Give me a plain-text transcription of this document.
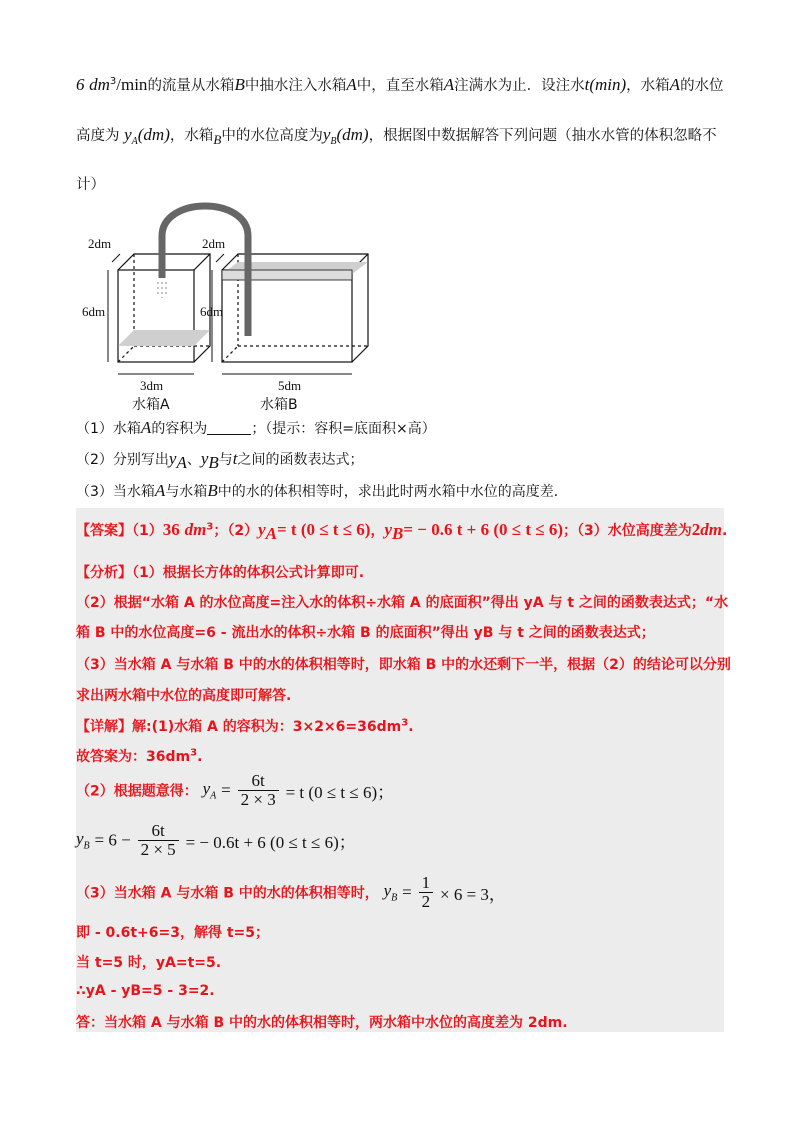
6 $dm^3/\min$的流量从水箱B中抽水注入水箱A中，直至水箱A注满水为止．设注水t(min)，水箱A的水位
高度为 $y_A(dm)$，水箱$_B$中的水位高度为$y_B(dm)$，根据图中数据解答下列问题（抽水水管的体积忽略不
计）
2dm
6dm
3dm
2dm
6dm
5dm
水箱A	水箱B
（1）水箱A的容积为	；（提示：容积=底面积×高）
（2）分别写出$y_A$、$y_B$与t之间的函数表达式；
（3）当水箱A与水箱B中的水的体积相等时，求出此时两水箱中水位的高度差．
【答案】（1）36 $dm^3$；$(2)y_A= t$ (0 ≤ t ≤ 6)，$y_B= - 0.6$ t + 6 (0 ≤ t ≤ 6)；（3）水位高度差为2dm.
【分析】（1）根据长方体的体积公式计算即可.
（2）根据“水箱 A 的水位高度=注入水的体积÷水箱 A 的底面积”得出 yA 与 t 之间的函数表达式；“水
箱 B 中的水位高度=6 - 流出水的体积÷水箱 B 的底面积”得出 yB 与 t 之间的函数表达式；
（3）当水箱 A 与水箱 B 中的水的体积相等时，即水箱 B 中的水还剩下一半，根据（2）的结论可以分别
求出两水箱中水位的高度即可解答.
【详解】解:(1)水箱 A 的容积为：$3\times 2\times 6=36dm^3$.
故答案为：$36dm^3$.
（2）根据题意得： $y_A = \frac{6t}{2 \times 3} = t$ (0 ≤ t ≤ 6)；
$y_B = 6 - \frac{6t}{2 \times 5}$ = − 0.6t + 6 (0 ≤ t ≤ 6)；
（3）当水箱 A 与水箱 B 中的水的体积相等时， $y_B = \frac{1}{2} \times 6 = 3$，
即 - 0.6t+6=3，解得 t=5；
当 t=5 时，yA=t=5.
∴yA - yB=5 - 3=2.
答：当水箱 A 与水箱 B 中的水的体积相等时，两水箱中水位的高度差为 2dm.
